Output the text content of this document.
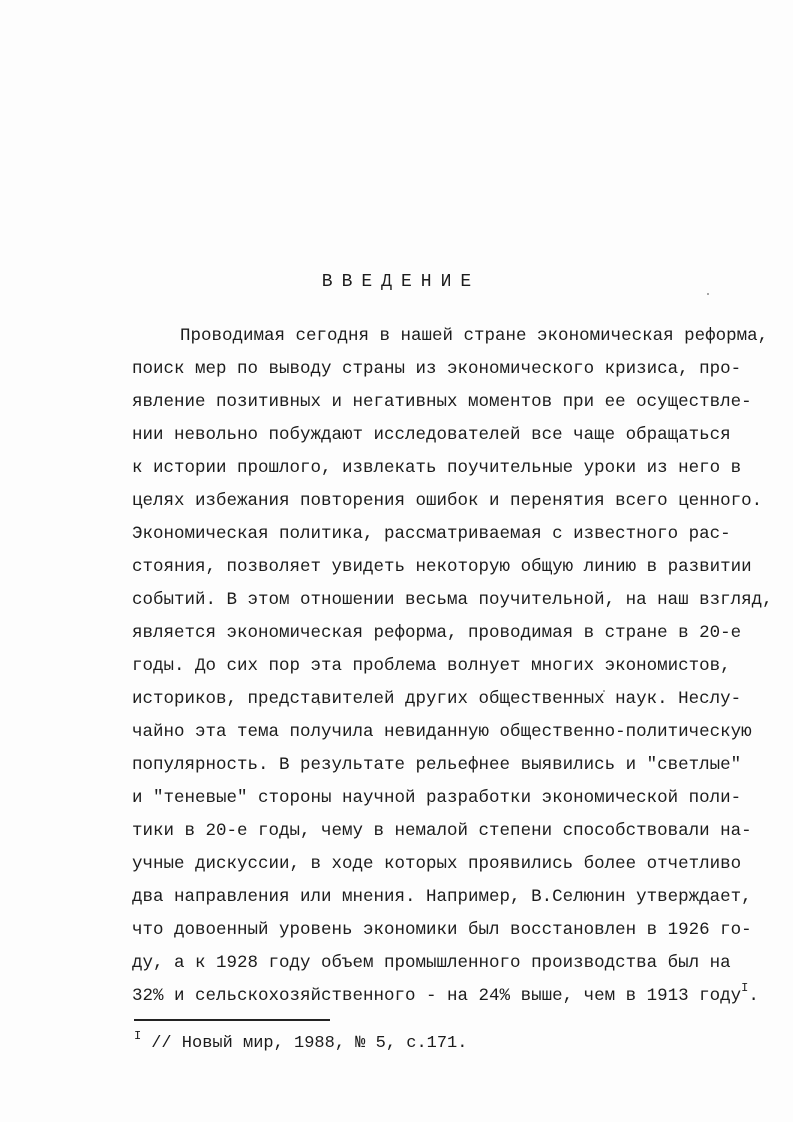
ВВЕДЕНИЕ
Проводимая сегодня в нашей стране экономическая реформа,
поиск мер по выводу страны из экономического кризиса, про-
явление позитивных и негативных моментов при ее осуществле-
нии невольно побуждают исследователей все чаще обращаться
к истории прошлого, извлекать поучительные уроки из него в
целях избежания повторения ошибок и перенятия всего ценного.
Экономическая политика, рассматриваемая с известного рас-
стояния, позволяет увидеть некоторую общую линию в развитии
событий. В этом отношении весьма поучительной, на наш взгляд,
является экономическая реформа, проводимая в стране в 20-е
годы. До сих пор эта проблема волнует многих экономистов,
историков, представителей других общественных наук. Неслу-
чайно эта тема получила невиданную общественно-политическую
популярность. В результате рельефнее выявились и "светлые"
и "теневые" стороны научной разработки экономической поли-
тики в 20-е годы, чему в немалой степени способствовали на-
учные дискуссии, в ходе которых проявились более отчетливо
два направления или мнения. Например, В.Селюнин утверждает,
что довоенный уровень экономики был восстановлен в 1926 го-
ду, а к 1928 году объем промышленного производства был на
32% и сельскохозяйственного - на 24% выше, чем в 1913 году$^I$.
$^I$ // Новый мир, 1988, № 5, с.171.
